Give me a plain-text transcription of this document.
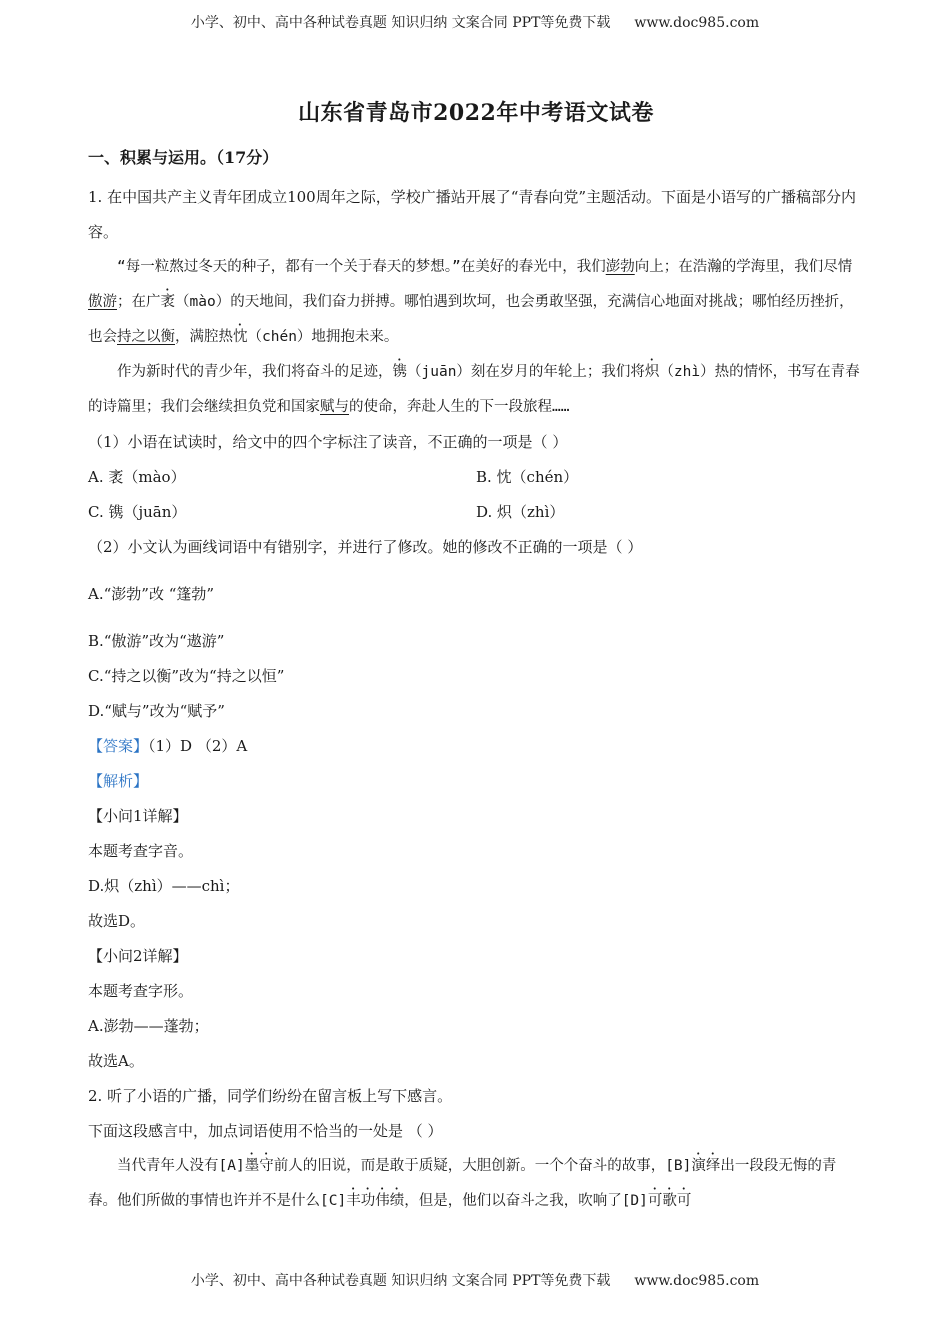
小学、初中、高中各种试卷真题 知识归纳 文案合同 PPT等免费下载 www.doc985.com
山东省青岛市2022年中考语文试卷
一、积累与运用。（17分）

1. 在中国共产主义青年团成立100周年之际，学校广播站开展了“青春向党”主题活动。下面是小语写的广播稿部分内容。

“每一粒熬过冬天的种子，都有一个关于春天的梦想。”在美好的春光中，我们澎勃向上；在浩瀚的学海里，我们尽情傲游；在广袤（mào）的天地间，我们奋力拼搏。哪怕遇到坎坷，也会勇敢坚强，充满信心地面对挑战；哪怕经历挫折，也会持之以衡，满腔热忱（chén）地拥抱未来。

作为新时代的青少年，我们将奋斗的足迹，镌（juān）刻在岁月的年轮上；我们将炽（zhì）热的情怀，书写在青春的诗篇里；我们会继续担负党和国家赋与的使命，奔赴人生的下一段旅程……

（1）小语在试读时，给文中的四个字标注了读音，不正确的一项是（ ）

A. 袤（mào）	B. 忱（chén）
C. 镌（juān）	D. 炽（zhì）

（2）小文认为画线词语中有错别字，并进行了修改。她的修改不正确的一项是（ ）

A.“澎勃”改 “篷勃”

B.“傲游”改为“遨游”

C.“持之以衡”改为“持之以恒”

D.“赋与”改为“赋予”

【答案】（1）D （2）A

【解析】

【小问1详解】

本题考查字音。

D.炽（zhì）——chì；

故选D。

【小问2详解】

本题考查字形。

A.澎勃——蓬勃；

故选A。

2. 听了小语的广播，同学们纷纷在留言板上写下感言。

下面这段感言中，加点词语使用不恰当的一处是 （ ）

当代青年人没有[A]墨守前人的旧说，而是敢于质疑，大胆创新。一个个奋斗的故事，[B]演绎出一段段无悔的青春。他们所做的事情也许并不是什么[C]丰功伟绩，但是，他们以奋斗之我，吹响了[D]可歌可

小学、初中、高中各种试卷真题 知识归纳 文案合同 PPT等免费下载 www.doc985.com
